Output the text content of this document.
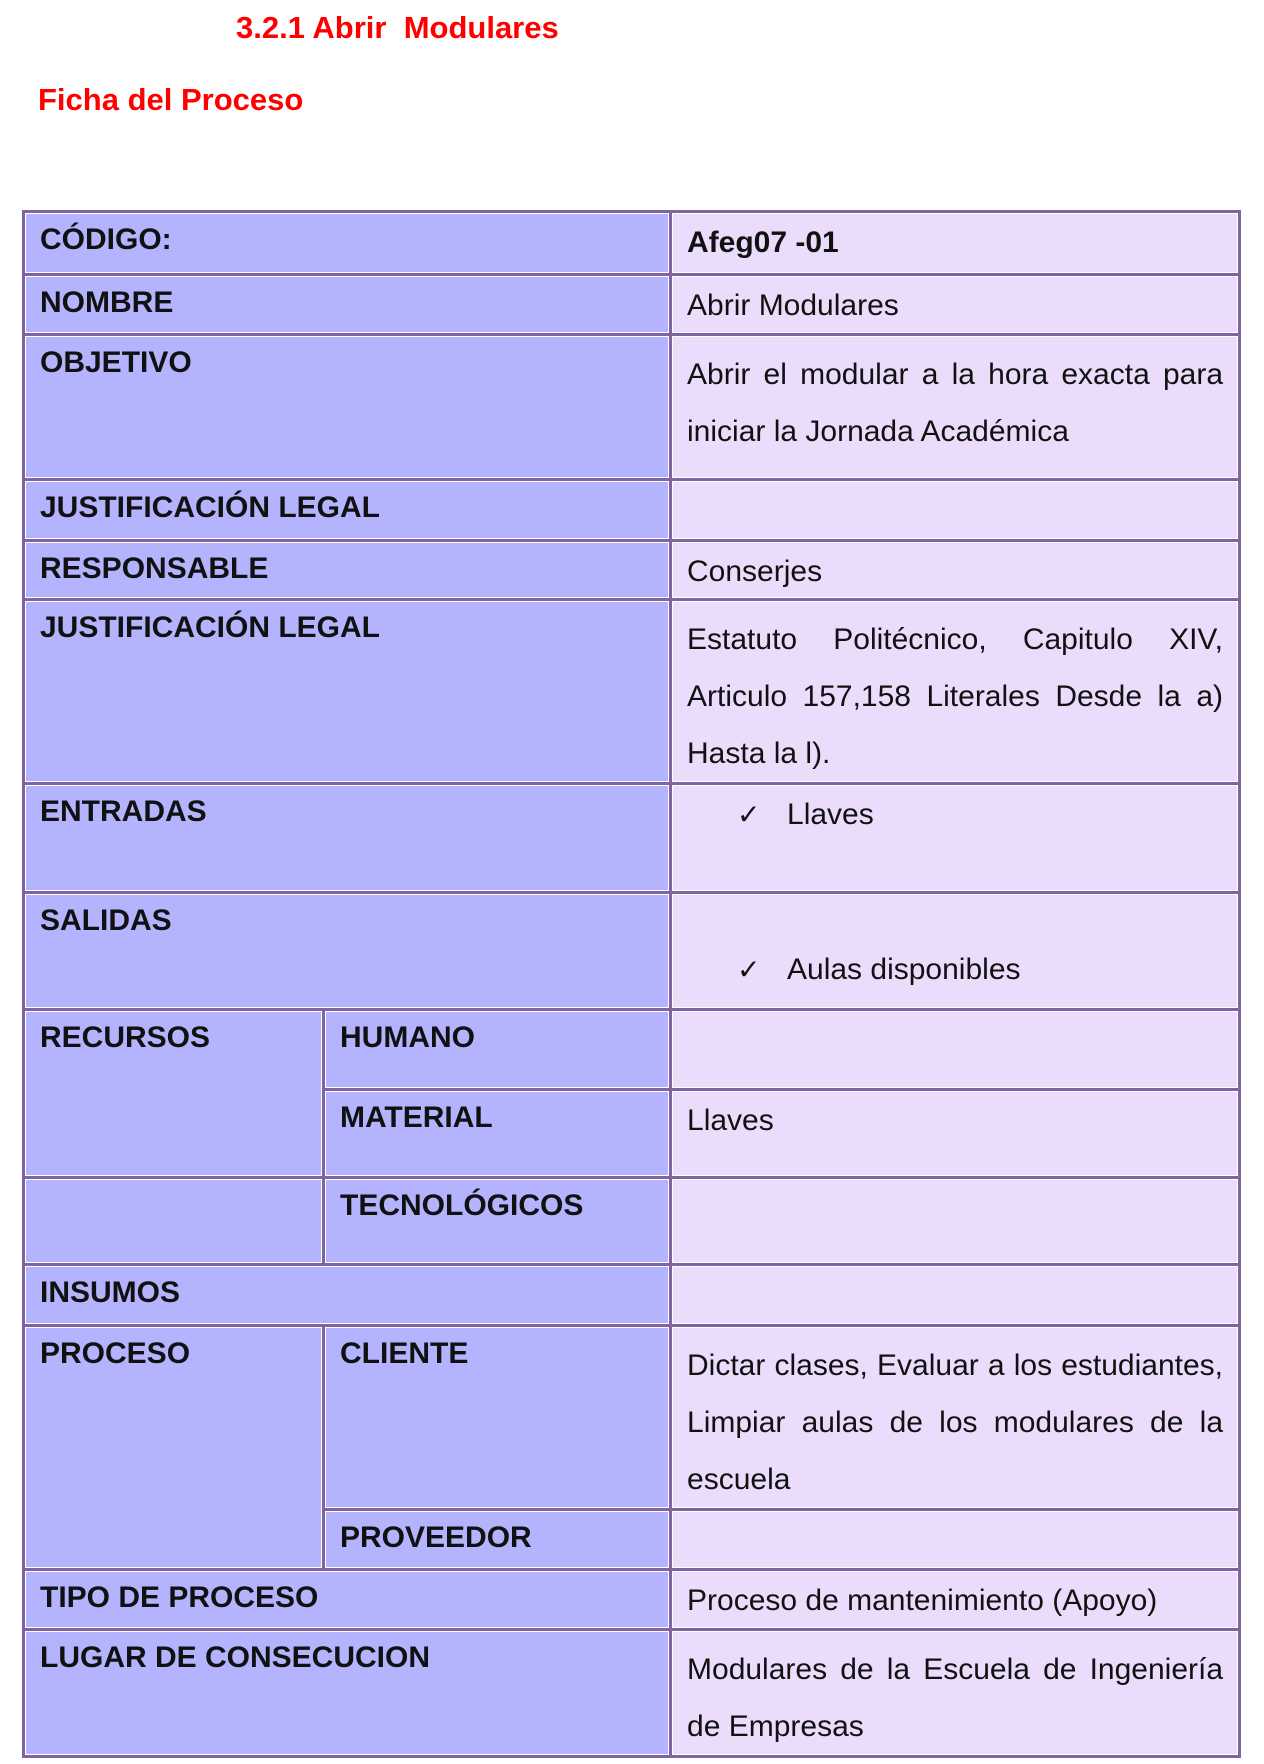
3.2.1 Abrir  Modulares
Ficha del Proceso
CÓDIGO:		Afeg07 -01
NOMBRE		Abrir Modulares
OBJETIVO		Abrir el modular a la hora exacta para iniciar la Jornada Académica
JUSTIFICACIÓN LEGAL		
RESPONSABLE		Conserjes
JUSTIFICACIÓN LEGAL		Estatuto Politécnico, Capitulo XIV, Articulo 157,158 Literales Desde la a) Hasta la l).
ENTRADAS		✓ Llaves

SALIDAS		✓ Aulas disponibles

RECURSOS	HUMANO	
	MATERIAL	Llaves
	TECNOLÓGICOS	
INSUMOS		
PROCESO	CLIENTE	Dictar clases, Evaluar a los estudiantes, Limpiar aulas de los modulares de la escuela
	PROVEEDOR	
TIPO DE PROCESO		Proceso de mantenimiento (Apoyo)
LUGAR DE CONSECUCION		Modulares de la Escuela de Ingeniería de Empresas
